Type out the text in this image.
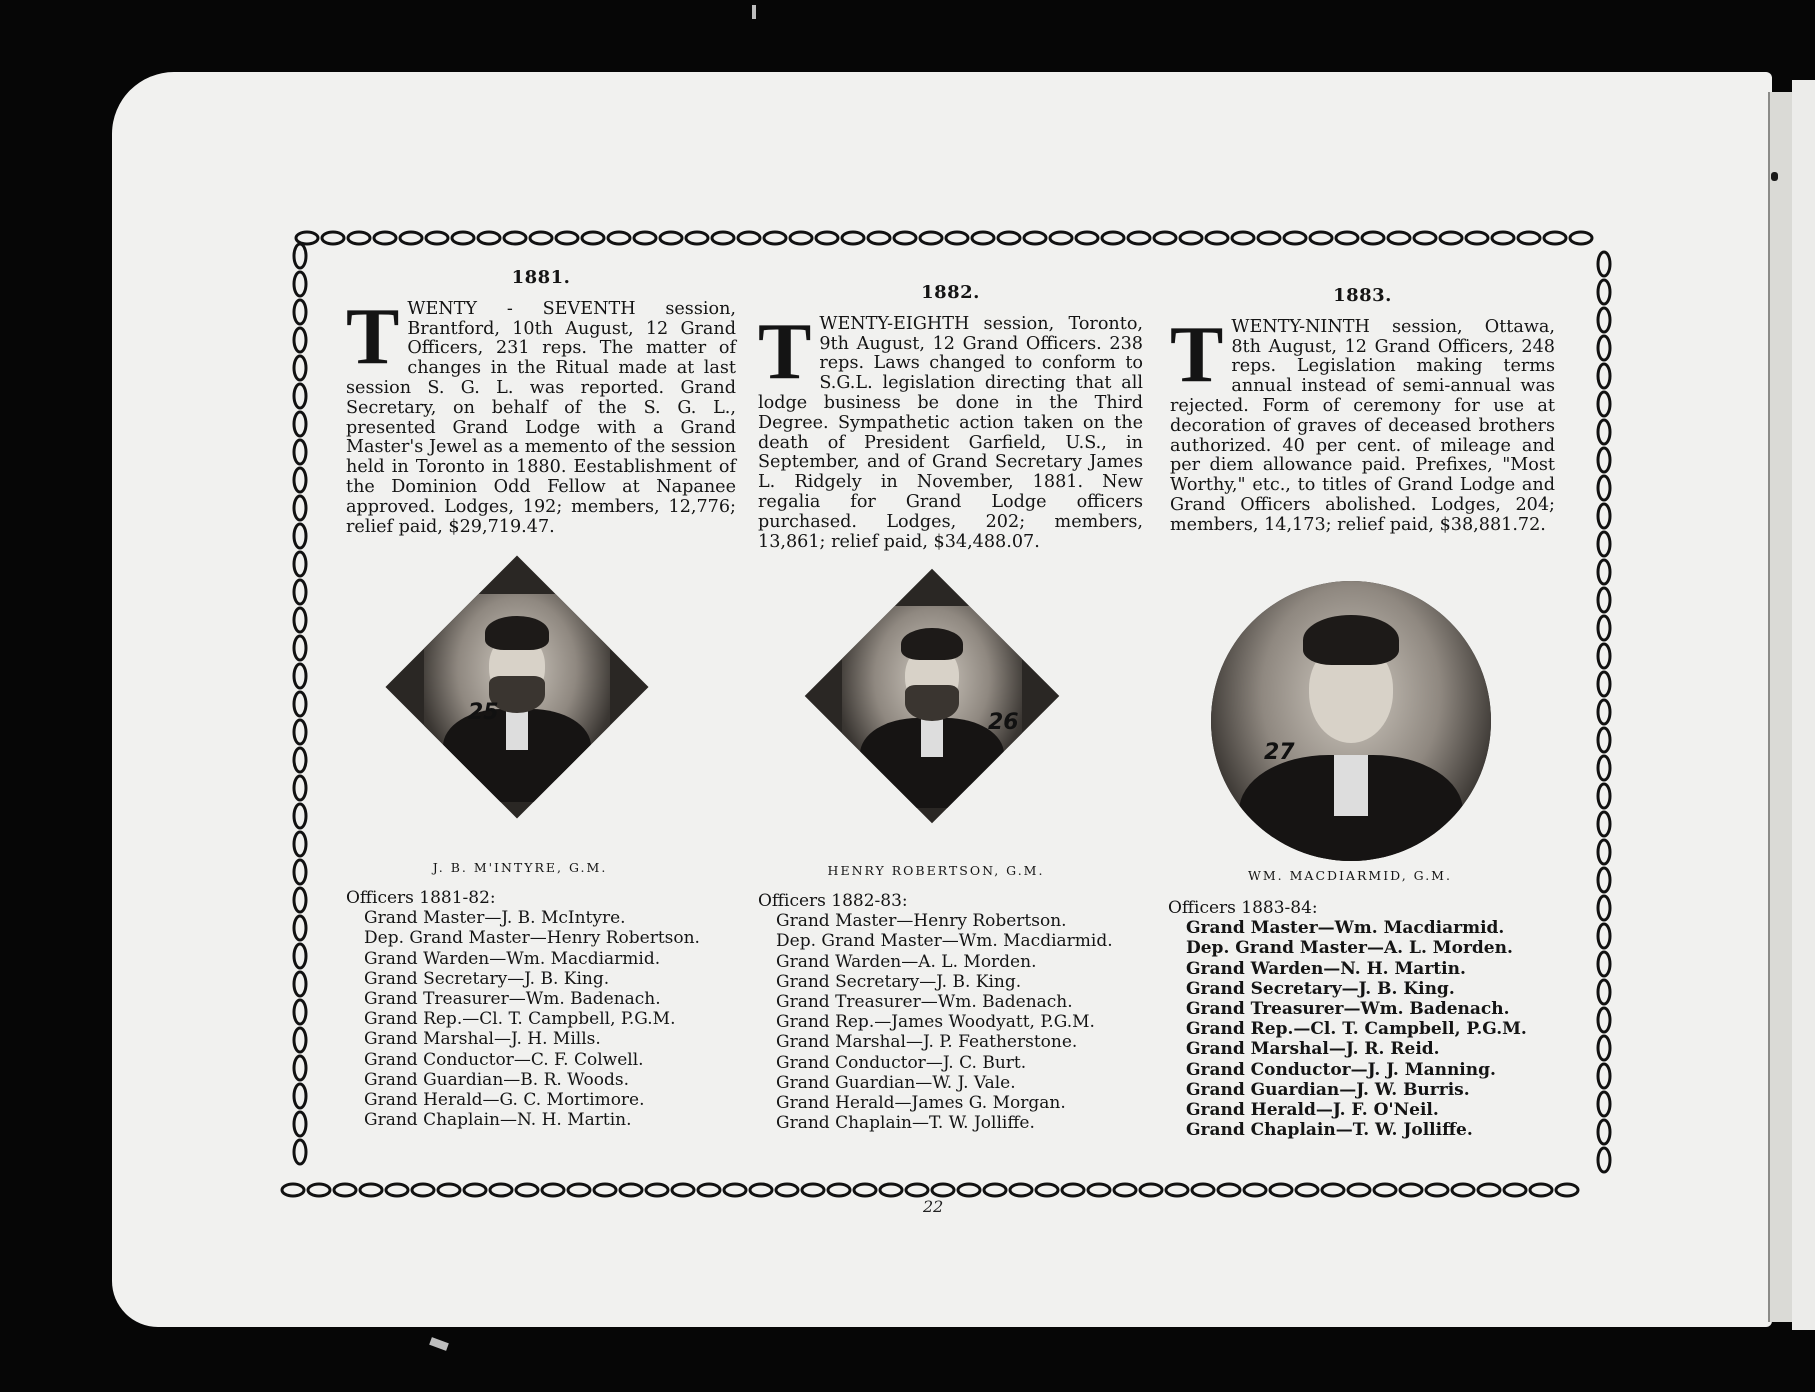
1881.
T WENTY - SEVENTH session, Brantford, 10th August, 12 Grand Officers, 231 reps. The matter of changes in the Ritual made at last session S. G. L. was reported. Grand Secretary, on behalf of the S. G. L., presented Grand Lodge with a Grand Master's Jewel as a memento of the session held in Toronto in 1880. Eestablishment of the Dominion Odd Fellow at Napanee approved. Lodges, 192; members, 12,776; relief paid, $29,719.47.

1882.
T WENTY-EIGHTH session, Toronto, 9th August, 12 Grand Officers. 238 reps. Laws changed to conform to S.G.L. legislation directing that all lodge business be done in the Third Degree. Sympathetic action taken on the death of President Garfield, U.S., in September, and of Grand Secretary James L. Ridgely in November, 1881. New regalia for Grand Lodge officers purchased. Lodges, 202; members, 13,861; relief paid, $34,488.07.

1883.
T WENTY-NINTH session, Ottawa, 8th August, 12 Grand Officers, 248 reps. Legislation making terms annual instead of semi-annual was rejected. Form of ceremony for use at decoration of graves of deceased brothers authorized. 40 per cent. of mileage and per diem allowance paid. Prefixes, "Most Worthy," etc., to titles of Grand Lodge and Grand Officers abolished. Lodges, 204; members, 14,173; relief paid, $38,881.72.

25	26
27
J. B. M'INTYRE, G.M.	HENRY ROBERTSON, G.M.	WM. MACDIARMID, G.M.
Officers 1881-82:
Grand Master—J. B. McIntyre.
Dep. Grand Master—Henry Robertson.
Grand Warden—Wm. Macdiarmid.
Grand Secretary—J. B. King.
Grand Treasurer—Wm. Badenach.
Grand Rep.—Cl. T. Campbell, P.G.M.
Grand Marshal—J. H. Mills.
Grand Conductor—C. F. Colwell.
Grand Guardian—B. R. Woods.
Grand Herald—G. C. Mortimore.
Grand Chaplain—N. H. Martin.
Officers 1882-83:
Grand Master—Henry Robertson.
Dep. Grand Master—Wm. Macdiarmid.
Grand Warden—A. L. Morden.
Grand Secretary—J. B. King.
Grand Treasurer—Wm. Badenach.
Grand Rep.—James Woodyatt, P.G.M.
Grand Marshal—J. P. Featherstone.
Grand Conductor—J. C. Burt.
Grand Guardian—W. J. Vale.
Grand Herald—James G. Morgan.
Grand Chaplain—T. W. Jolliffe.
Officers 1883-84:
Grand Master—Wm. Macdiarmid.
Dep. Grand Master—A. L. Morden.
Grand Warden—N. H. Martin.
Grand Secretary—J. B. King.
Grand Treasurer—Wm. Badenach.
Grand Rep.—Cl. T. Campbell, P.G.M.
Grand Marshal—J. R. Reid.
Grand Conductor—J. J. Manning.
Grand Guardian—J. W. Burris.
Grand Herald—J. F. O'Neil.
Grand Chaplain—T. W. Jolliffe.
22
